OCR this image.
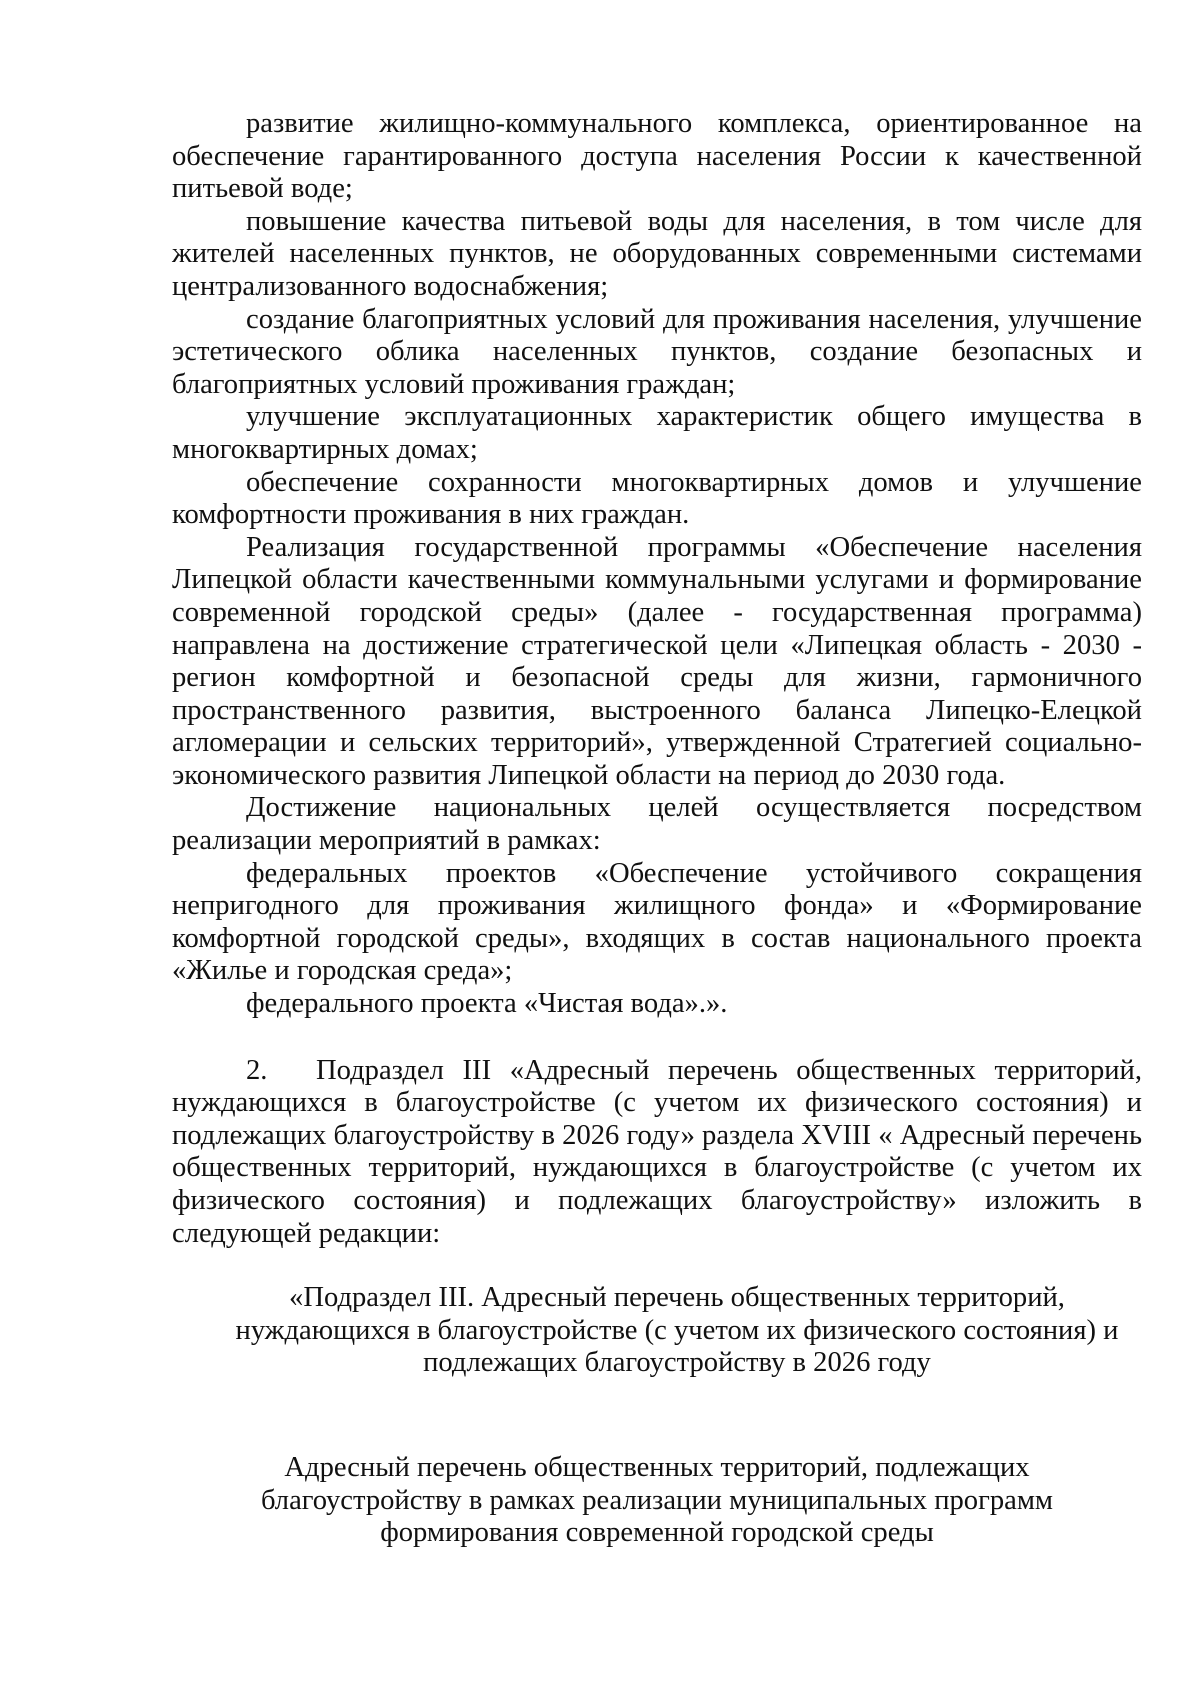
развитие жилищно-коммунального комплекса, ориентированное на обеспечение гарантированного доступа населения России к качественной питьевой воде;

повышение качества питьевой воды для населения, в том числе для жителей населенных пунктов, не оборудованных современными системами централизованного водоснабжения;

создание благоприятных условий для проживания населения, улучшение эстетического облика населенных пунктов, создание безопасных и благоприятных условий проживания граждан;

улучшение эксплуатационных характеристик общего имущества в многоквартирных домах;

обеспечение сохранности многоквартирных домов и улучшение комфортности проживания в них граждан.

Реализация государственной программы «Обеспечение населения Липецкой области качественными коммунальными услугами и формирование современной городской среды» (далее - государственная программа) направлена на достижение стратегической цели «Липецкая область - 2030 - регион комфортной и безопасной среды для жизни, гармоничного пространственного развития, выстроенного баланса Липецко-Елецкой агломерации и сельских территорий», утвержденной Стратегией социально-экономического развития Липецкой области на период до 2030 года.

Достижение национальных целей осуществляется посредством реализации мероприятий в рамках:

федеральных проектов «Обеспечение устойчивого сокращения непригодного для проживания жилищного фонда» и «Формирование комфортной городской среды», входящих в состав национального проекта «Жилье и городская среда»;

федерального проекта «Чистая вода».».

2. Подраздел III «Адресный перечень общественных территорий, нуждающихся в благоустройстве (с учетом их физического состояния) и подлежащих благоустройству в 2026 году» раздела XVIII « Адресный перечень общественных территорий, нуждающихся в благоустройстве (с учетом их физического состояния) и подлежащих благоустройству» изложить в следующей редакции:

«Подраздел III. Адресный перечень общественных территорий,

нуждающихся в благоустройстве (с учетом их физического состояния) и

подлежащих благоустройству в 2026 году

Адресный перечень общественных территорий, подлежащих

благоустройству в рамках реализации муниципальных программ

формирования современной городской среды
